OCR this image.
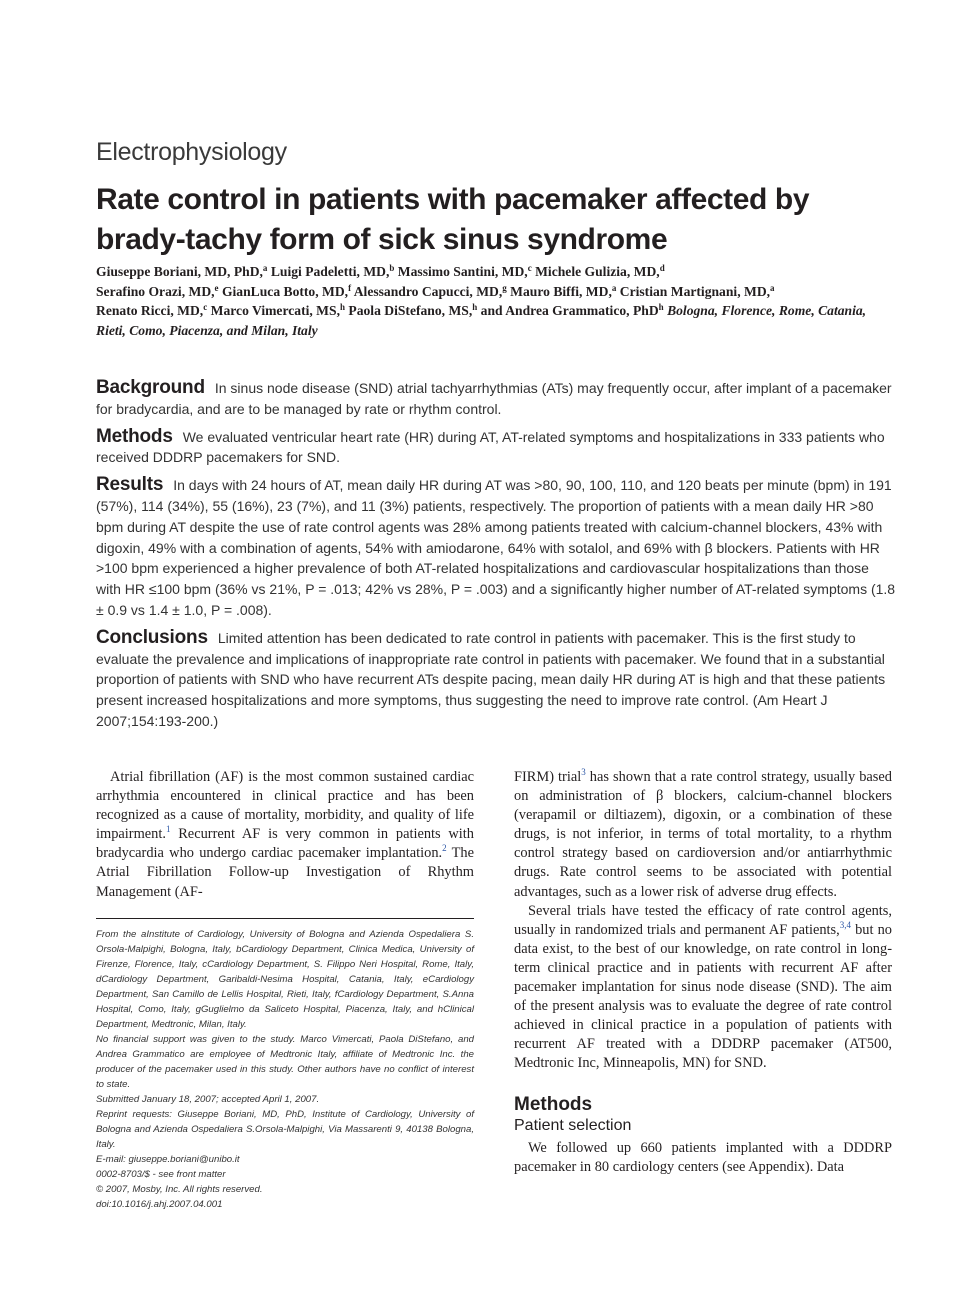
Electrophysiology
Rate control in patients with pacemaker affected by brady-tachy form of sick sinus syndrome
Giuseppe Boriani, MD, PhD,$^a$ Luigi Padeletti, MD,$^b$ Massimo Santini, MD,$^c$ Michele Gulizia, MD,$^d$
Serafino Orazi, MD,$^e$ GianLuca Botto, MD,$^f$ Alessandro Capucci, MD,$^g$ Mauro Biffi, MD,$^a$ Cristian Martignani, MD,$^a$
Renato Ricci, MD,$^c$ Marco Vimercati, MS,$^h$ Paola DiStefano, MS,$^h$ and Andrea Grammatico, PhD$^h$ Bologna, Florence, Rome, Catania, Rieti, Como, Piacenza, and Milan, Italy

Background In sinus node disease (SND) atrial tachyarrhythmias (ATs) may frequently occur, after implant of a pacemaker for bradycardia, and are to be managed by rate or rhythm control.

Methods We evaluated ventricular heart rate (HR) during AT, AT-related symptoms and hospitalizations in 333 patients who received DDDRP pacemakers for SND.

Results In days with 24 hours of AT, mean daily HR during AT was >80, 90, 100, 110, and 120 beats per minute (bpm) in 191 (57%), 114 (34%), 55 (16%), 23 (7%), and 11 (3%) patients, respectively. The proportion of patients with a mean daily HR >80 bpm during AT despite the use of rate control agents was 28% among patients treated with calcium-channel blockers, 43% with digoxin, 49% with a combination of agents, 54% with amiodarone, 64% with sotalol, and 69% with β blockers. Patients with HR >100 bpm experienced a higher prevalence of both AT-related hospitalizations and cardiovascular hospitalizations than those with HR ≤100 bpm (36% vs 21%, P = .013; 42% vs 28%, P = .003) and a significantly higher number of AT-related symptoms (1.8 ± 0.9 vs 1.4 ± 1.0, P = .008).

Conclusions Limited attention has been dedicated to rate control in patients with pacemaker. This is the first study to evaluate the prevalence and implications of inappropriate rate control in patients with pacemaker. We found that in a substantial proportion of patients with SND who have recurrent ATs despite pacing, mean daily HR during AT is high and that these patients present increased hospitalizations and more symptoms, thus suggesting the need to improve rate control. (Am Heart J 2007;154:193-200.)

Atrial fibrillation (AF) is the most common sustained cardiac arrhythmia encountered in clinical practice and has been recognized as a cause of mortality, morbidity, and quality of life impairment.$^1$ Recurrent AF is very common in patients with bradycardia who undergo cardiac pacemaker implantation.$^2$ The Atrial Fibrillation Follow-up Investigation of Rhythm Management (AF-

From the aInstitute of Cardiology, University of Bologna and Azienda Ospedaliera S. Orsola-Malpighi, Bologna, Italy, bCardiology Department, Clinica Medica, University of Firenze, Florence, Italy, cCardiology Department, S. Filippo Neri Hospital, Rome, Italy, dCardiology Department, Garibaldi-Nesima Hospital, Catania, Italy, eCardiology Department, San Camillo de Lellis Hospital, Rieti, Italy, fCardiology Department, S.Anna Hospital, Como, Italy, gGuglielmo da Saliceto Hospital, Piacenza, Italy, and hClinical Department, Medtronic, Milan, Italy.

No financial support was given to the study. Marco Vimercati, Paola DiStefano, and Andrea Grammatico are employee of Medtronic Italy, affiliate of Medtronic Inc. the producer of the pacemaker used in this study. Other authors have no conflict of interest to state.

Submitted January 18, 2007; accepted April 1, 2007.

Reprint requests: Giuseppe Boriani, MD, PhD, Institute of Cardiology, University of Bologna and Azienda Ospedaliera S.Orsola-Malpighi, Via Massarenti 9, 40138 Bologna, Italy.

E-mail: giuseppe.boriani@unibo.it

0002-8703/$ - see front matter

© 2007, Mosby, Inc. All rights reserved.

doi:10.1016/j.ahj.2007.04.001

FIRM) trial$^3$ has shown that a rate control strategy, usually based on administration of β blockers, calcium-channel blockers (verapamil or diltiazem), digoxin, or a combination of these drugs, is not inferior, in terms of total mortality, to a rhythm control strategy based on cardioversion and/or antiarrhythmic drugs. Rate control seems to be associated with potential advantages, such as a lower risk of adverse drug effects.

Several trials have tested the efficacy of rate control agents, usually in randomized trials and permanent AF patients,$^{3,4}$ but no data exist, to the best of our knowledge, on rate control in long-term clinical practice and in patients with recurrent AF after pacemaker implantation for sinus node disease (SND). The aim of the present analysis was to evaluate the degree of rate control achieved in clinical practice in a population of patients with recurrent AF treated with a DDDRP pacemaker (AT500, Medtronic Inc, Minneapolis, MN) for SND.

Methods
Patient selection

We followed up 660 patients implanted with a DDDRP pacemaker in 80 cardiology centers (see Appendix). Data
